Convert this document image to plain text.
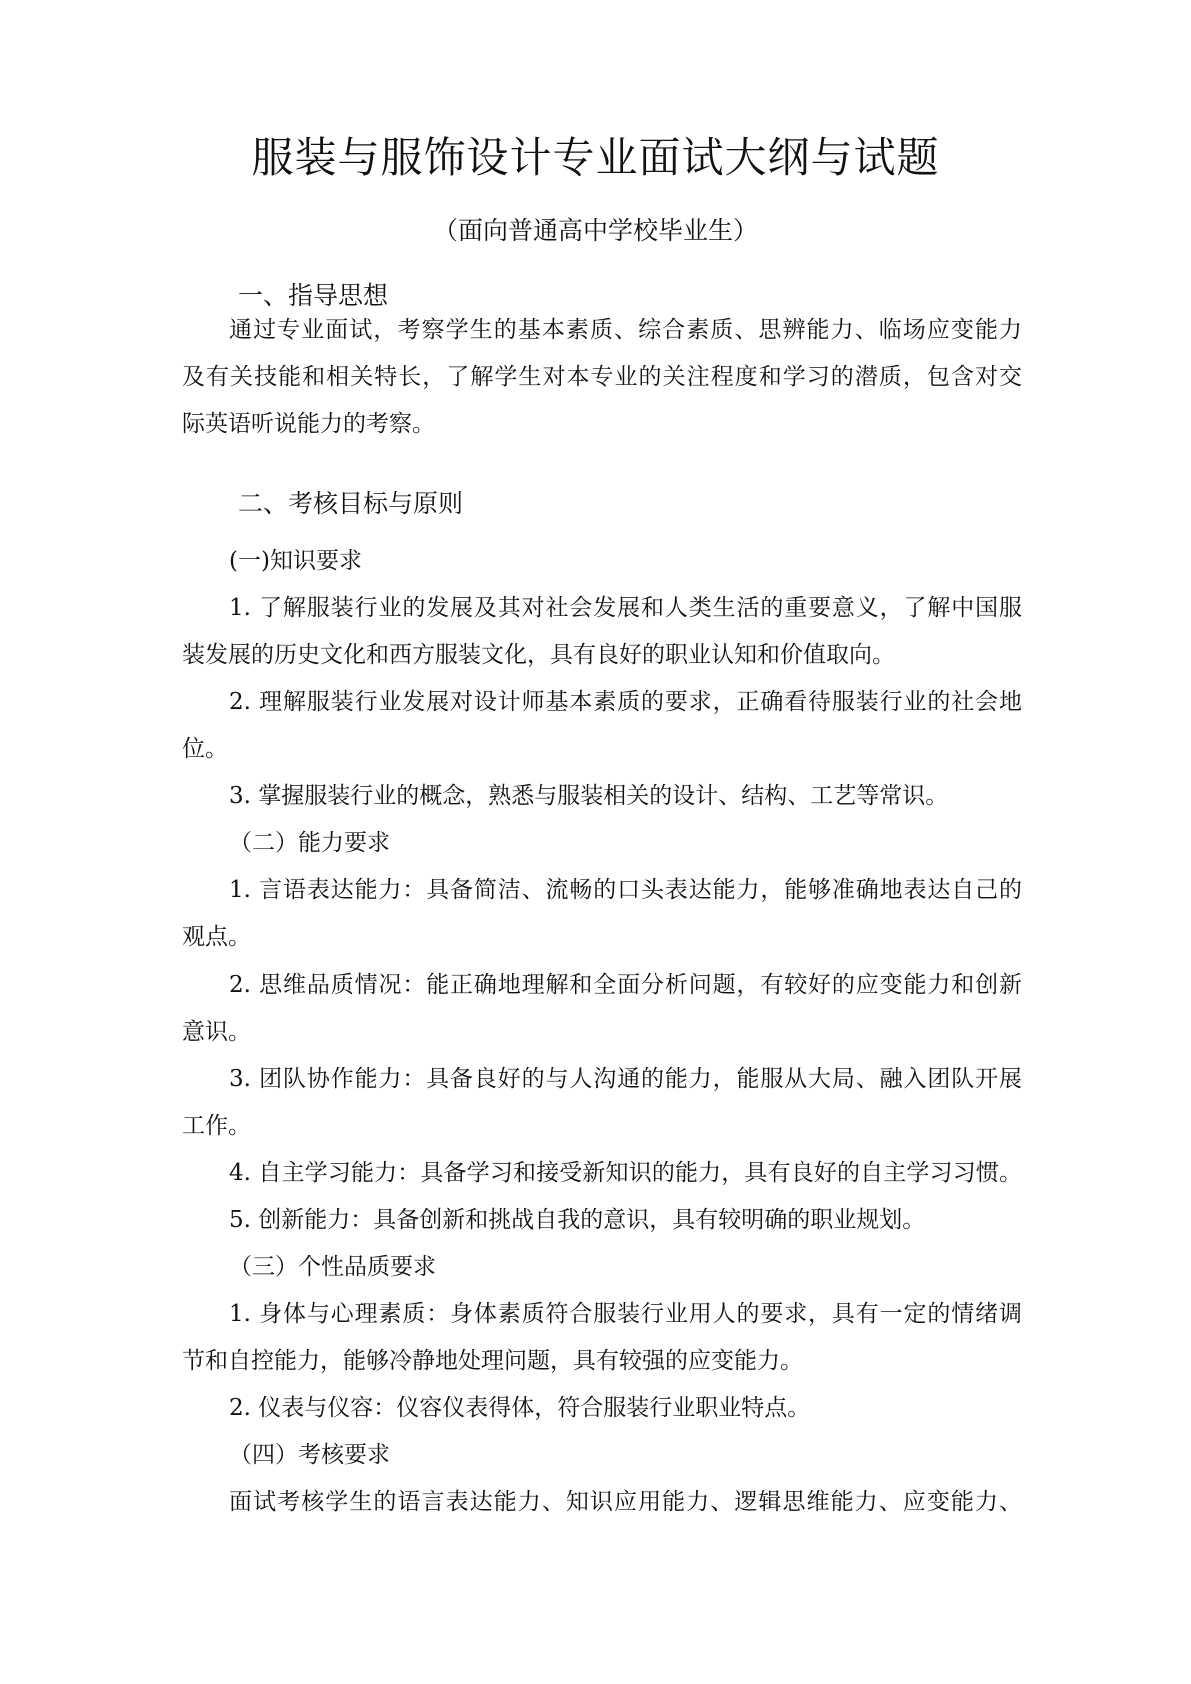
服装与服饰设计专业面试大纲与试题
（面向普通高中学校毕业生）
一、指导思想
通过专业面试，考察学生的基本素质、综合素质、思辨能力、临场应变能力
及有关技能和相关特长，了解学生对本专业的关注程度和学习的潜质，包含对交
际英语听说能力的考察。
二、考核目标与原则
(一)知识要求
1. 了解服装行业的发展及其对社会发展和人类生活的重要意义，了解中国服
装发展的历史文化和西方服装文化，具有良好的职业认知和价值取向。
2. 理解服装行业发展对设计师基本素质的要求，正确看待服装行业的社会地
位。
3. 掌握服装行业的概念，熟悉与服装相关的设计、结构、工艺等常识。
（二）能力要求
1. 言语表达能力：具备简洁、流畅的口头表达能力，能够准确地表达自己的
观点。
2. 思维品质情况：能正确地理解和全面分析问题，有较好的应变能力和创新
意识。
3. 团队协作能力：具备良好的与人沟通的能力，能服从大局、融入团队开展
工作。
4. 自主学习能力：具备学习和接受新知识的能力，具有良好的自主学习习惯。
5. 创新能力：具备创新和挑战自我的意识，具有较明确的职业规划。
（三）个性品质要求
1. 身体与心理素质：身体素质符合服装行业用人的要求，具有一定的情绪调
节和自控能力，能够冷静地处理问题，具有较强的应变能力。
2. 仪表与仪容：仪容仪表得体，符合服装行业职业特点。
（四）考核要求
面试考核学生的语言表达能力、知识应用能力、逻辑思维能力、应变能力、
